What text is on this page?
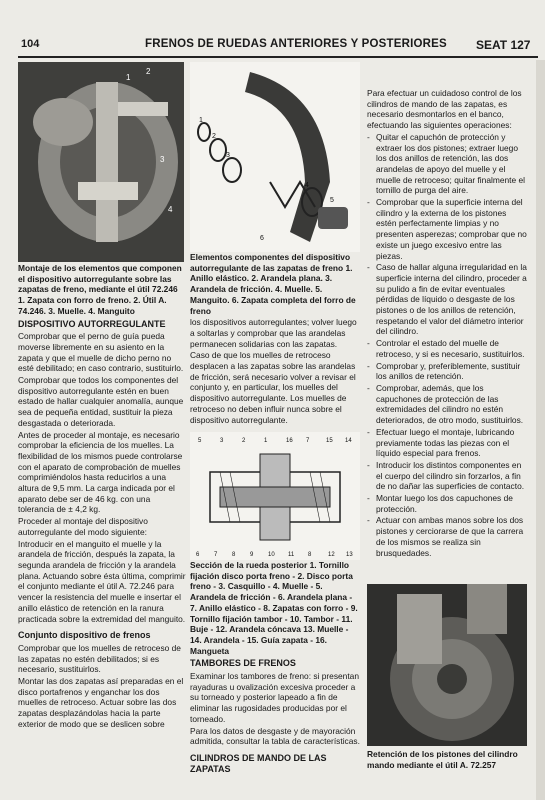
104	FRENOS DE RUEDAS ANTERIORES Y POSTERIORES SEAT 127
1
2
3
4

Montaje de los elementos que componen el dispositivo autorregulante sobre las zapatas de freno, mediante el útil 72.246 1. Zapata con forro de freno. 2. Útil A. 74.246. 3. Muelle. 4. Manguito

DISPOSITIVO AUTORREGULANTE

Comprobar que el perno de guía pueda moverse libremente en su asiento en la zapata y que el muelle de dicho perno no esté debilitado; en caso contrario, sustituirlo.

Comprobar que todos los componentes del dispositivo autorregulante estén en buen estado de hallar cualquier anomalía, aunque sea de pequeña entidad, sustituir la pieza desgastada o deteriorada.

Antes de proceder al montaje, es necesario comprobar la eficiencia de los muelles. La flexibilidad de los mismos puede controlarse con el aparato de comprobación de muelles comprimiéndolos hasta reducirlos a una altura de 9,5 mm. La carga indicada por el aparato debe ser de 46 kg. con una tolerancia de ± 4,2 kg.

Proceder al montaje del dispositivo autorregulante del modo siguiente:

Introducir en el manguito el muelle y la arandela de fricción, después la zapata, la segunda arandela de fricción y la arandela plana. Actuando sobre ésta última, comprimir el conjunto mediante el útil A. 72.246 para vencer la resistencia del muelle e insertar el anillo elástico de retención en la ranura practicada sobre la extremidad del manguito.

Conjunto dispositivo de frenos

Comprobar que los muelles de retroceso de las zapatas no estén debilitados; si es necesario, sustituirlos.

Montar las dos zapatas así preparadas en el disco portafrenos y enganchar los dos muelles de retroceso. Actuar sobre las dos zapatas desplazándolas hacia la parte exterior de modo que se deslicen sobre

1
2
3
4
5
6

Elementos componentes del dispositivo autorregulante de las zapatas de freno 1. Anillo elástico. 2. Arandela plana. 3. Arandela de fricción. 4. Muelle. 5. Manguito. 6. Zapata completa del forro de freno

los dispositivos autorregulantes; volver luego a soltarlas y comprobar que las arandelas permanecen solidarias con las zapatas.

Caso de que los muelles de retroceso desplacen a las zapatas sobre las arandelas de fricción, será necesario volver a revisar el conjunto y, en particular, los muelles del dispositivo autorregulante. Los muelles de retroceso no deben influir nunca sobre el dispositivo autorregulante.

5	3	2	1	16 7	15 14
6 7 8 9 10 11 8	12 13

Sección de la rueda posterior 1. Tornillo fijación disco porta freno - 2. Disco porta freno - 3. Casquillo - 4. Muelle - 5. Arandela de fricción - 6. Arandela plana - 7. Anillo elástico - 8. Zapatas con forro - 9. Tornillo fijación tambor - 10. Tambor - 11. Buje - 12. Arandela cóncava 13. Muelle - 14. Arandela - 15. Guía zapata - 16. Mangueta

TAMBORES DE FRENOS

Examinar los tambores de freno: si presentan rayaduras u ovalización excesiva proceder a su torneado y posterior lapeado a fin de eliminar las rugosidades producidas por el torneado.

Para los datos de desgaste y de mayoración admitida, consultar la tabla de características.

CILINDROS DE MANDO DE LAS ZAPATAS

Para efectuar un cuidadoso control de los cilindros de mando de las zapatas, es necesario desmontarlos en el banco, efectuando las siguientes operaciones:

- Quitar el capuchón de protección y extraer los dos pistones; extraer luego los dos anillos de retención, las dos arandelas de apoyo del muelle y el muelle de retroceso; quitar finalmente el tornillo de purga del aire.
- Comprobar que la superficie interna del cilindro y la externa de los pistones estén perfectamente limpias y no presenten asperezas; comprobar que no existe un juego excesivo entre las piezas.
- Caso de hallar alguna irregularidad en la superficie interna del cilindro, proceder a su pulido a fin de evitar eventuales pérdidas de líquido o desgaste de los pistones o de los anillos de retención, respetando el valor del diámetro interior del cilindro.
- Controlar el estado del muelle de retroceso, y si es necesario, sustituirlos.
- Comprobar y, preferiblemente, sustituir los anillos de retención.
- Comprobar, además, que los capuchones de protección de las extremidades del cilindro no estén deteriorados, de otro modo, sustituirlos.
- Efectuar luego el montaje, lubricando previamente todas las piezas con el líquido especial para frenos.
- Introducir los distintos componentes en el cuerpo del cilindro sin forzarlos, a fin de no dañar las superficies de contacto.
- Montar luego los dos capuchones de protección.
- Actuar con ambas manos sobre los dos pistones y cerciorarse de que la carrera de los mismos se realiza sin brusquedades.

Retención de los pistones del cilindro mando mediante el útil A. 72.257
